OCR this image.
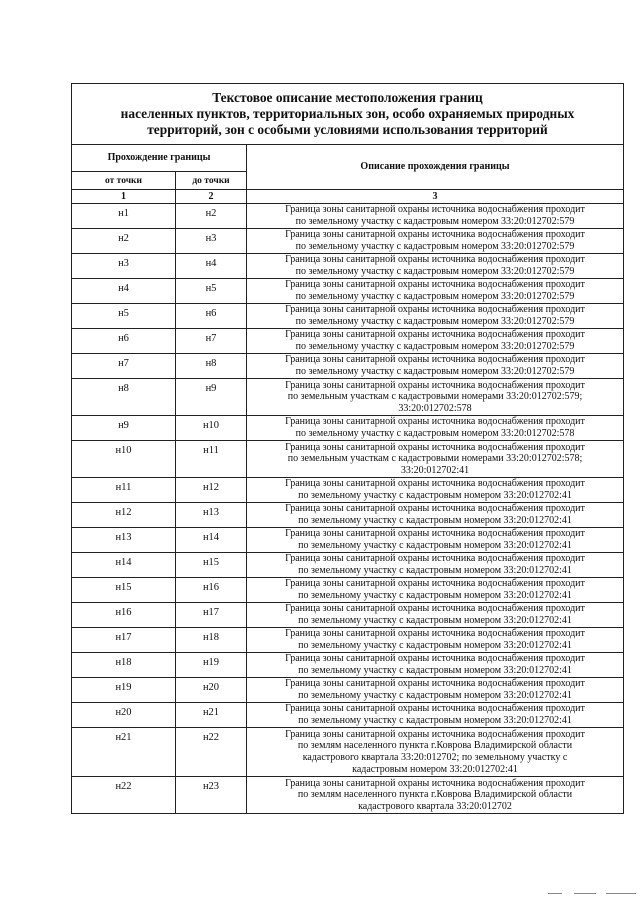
Текстовое описание местоположения границ
населенных пунктов, территориальных зон, особо охраняемых природных
территорий, зон с особыми условиями использования территорий		

Прохождение границы		Описание прохождения границы
от точки	до точки	
1	2	3
н1	н2	Граница зоны санитарной охраны источника водоснабжения проходит
по земельному участку с кадастровым номером 33:20:012702:579

н2	н3	Граница зоны санитарной охраны источника водоснабжения проходит
по земельному участку с кадастровым номером 33:20:012702:579

н3	н4	Граница зоны санитарной охраны источника водоснабжения проходит
по земельному участку с кадастровым номером 33:20:012702:579

н4	н5	Граница зоны санитарной охраны источника водоснабжения проходит
по земельному участку с кадастровым номером 33:20:012702:579

н5	н6	Граница зоны санитарной охраны источника водоснабжения проходит
по земельному участку с кадастровым номером 33:20:012702:579

н6	н7	Граница зоны санитарной охраны источника водоснабжения проходит
по земельному участку с кадастровым номером 33:20:012702:579

н7	н8	Граница зоны санитарной охраны источника водоснабжения проходит
по земельному участку с кадастровым номером 33:20:012702:579

н8	н9	Граница зоны санитарной охраны источника водоснабжения проходит
по земельным участкам с кадастровыми номерами 33:20:012702:579;
33:20:012702:578

н9	н10	Граница зоны санитарной охраны источника водоснабжения проходит
по земельному участку с кадастровым номером 33:20:012702:578

н10	н11	Граница зоны санитарной охраны источника водоснабжения проходит
по земельным участкам с кадастровыми номерами 33:20:012702:578;
33:20:012702:41

н11	н12	Граница зоны санитарной охраны источника водоснабжения проходит
по земельному участку с кадастровым номером 33:20:012702:41

н12	н13	Граница зоны санитарной охраны источника водоснабжения проходит
по земельному участку с кадастровым номером 33:20:012702:41

н13	н14	Граница зоны санитарной охраны источника водоснабжения проходит
по земельному участку с кадастровым номером 33:20:012702:41

н14	н15	Граница зоны санитарной охраны источника водоснабжения проходит
по земельному участку с кадастровым номером 33:20:012702:41

н15	н16	Граница зоны санитарной охраны источника водоснабжения проходит
по земельному участку с кадастровым номером 33:20:012702:41

н16	н17	Граница зоны санитарной охраны источника водоснабжения проходит
по земельному участку с кадастровым номером 33:20:012702:41

н17	н18	Граница зоны санитарной охраны источника водоснабжения проходит
по земельному участку с кадастровым номером 33:20:012702:41

н18	н19	Граница зоны санитарной охраны источника водоснабжения проходит
по земельному участку с кадастровым номером 33:20:012702:41

н19	н20	Граница зоны санитарной охраны источника водоснабжения проходит
по земельному участку с кадастровым номером 33:20:012702:41

н20	н21	Граница зоны санитарной охраны источника водоснабжения проходит
по земельному участку с кадастровым номером 33:20:012702:41

н21	н22	Граница зоны санитарной охраны источника водоснабжения проходит
по землям населенного пункта г.Коврова Владимирской области
кадастрового квартала 33:20:012702; по земельному участку с
кадастровым номером 33:20:012702:41

н22	н23	Граница зоны санитарной охраны источника водоснабжения проходит
по землям населенного пункта г.Коврова Владимирской области
кадастрового квартала 33:20:012702
